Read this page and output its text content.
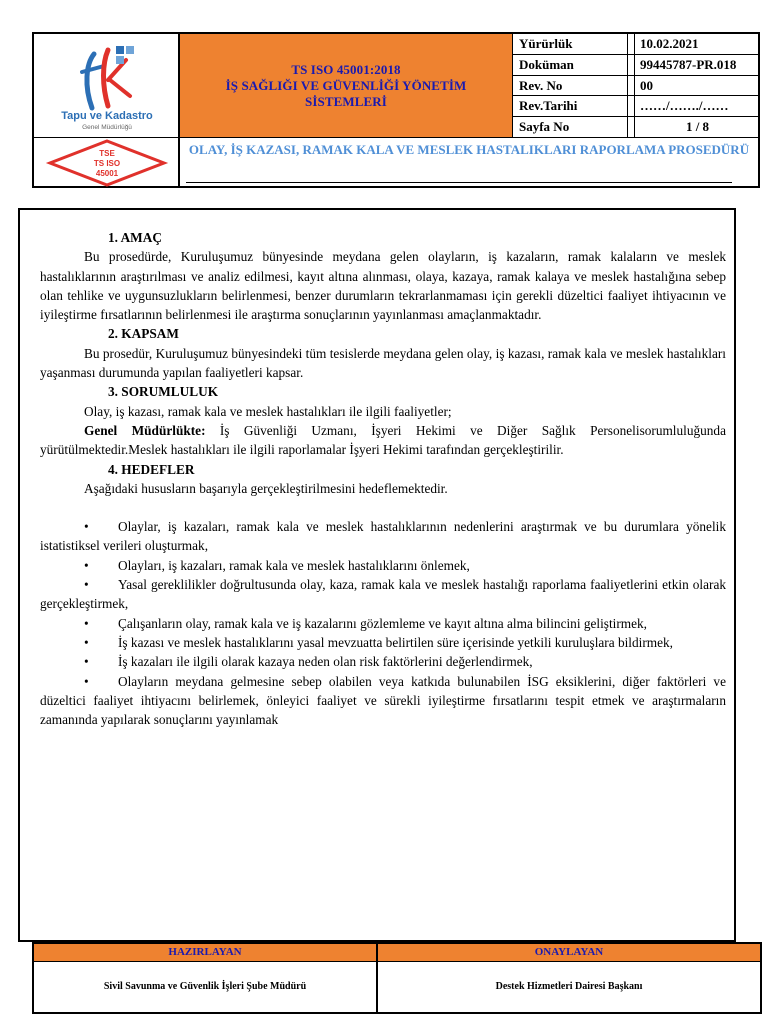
Tapu ve Kadastro
Genel Müdürlüğü
TSE
TS ISO
45001
TS ISO 45001:2018
İŞ SAĞLIĞI VE GÜVENLİĞİ YÖNETİM
SİSTEMLERİ
Yürürlük	10.02.2021
Doküman	99445787-PR.018
Rev. No	00
Rev.Tarihi	……/……./……
Sayfa No	1 / 8
OLAY, İŞ KAZASI, RAMAK KALA VE MESLEK HASTALIKLARI RAPORLAMA PROSEDÜRÜ

1. AMAÇ

Bu prosedürde, Kuruluşumuz bünyesinde meydana gelen olayların, iş kazaların, ramak kalaların ve meslek hastalıklarının araştırılması ve analiz edilmesi, kayıt altına alınması, olaya, kazaya, ramak kalaya ve meslek hastalığına sebep olan tehlike ve uygunsuzlukların belirlenmesi, benzer durumların tekrarlanmaması için gerekli düzeltici faaliyet ihtiyacının ve iyileştirme fırsatlarının belirlenmesi ile araştırma sonuçlarının yayınlanması amaçlanmaktadır.

2. KAPSAM

Bu prosedür, Kuruluşumuz bünyesindeki tüm tesislerde meydana gelen olay, iş kazası, ramak kala ve meslek hastalıkları yaşanması durumunda yapılan faaliyetleri kapsar.

3. SORUMLULUK

Olay, iş kazası, ramak kala ve meslek hastalıkları ile ilgili faaliyetler;

Genel Müdürlükte: İş Güvenliği Uzmanı, İşyeri Hekimi ve Diğer Sağlık Personelisorumluluğunda yürütülmektedir.Meslek hastalıkları ile ilgili raporlamalar İşyeri Hekimi tarafından gerçekleştirilir.

4. HEDEFLER

Aşağıdaki hususların başarıyla gerçekleştirilmesini hedeflemektedir.

• Olaylar, iş kazaları, ramak kala ve meslek hastalıklarının nedenlerini araştırmak ve bu durumlara yönelik istatistiksel verileri oluşturmak,

• Olayları, iş kazaları, ramak kala ve meslek hastalıklarını önlemek,

• Yasal gereklilikler doğrultusunda olay, kaza, ramak kala ve meslek hastalığı raporlama faaliyetlerini etkin olarak gerçekleştirmek,

• Çalışanların olay, ramak kala ve iş kazalarını gözlemleme ve kayıt altına alma bilincini geliştirmek,

• İş kazası ve meslek hastalıklarını yasal mevzuatta belirtilen süre içerisinde yetkili kuruluşlara bildirmek,

• İş kazaları ile ilgili olarak kazaya neden olan risk faktörlerini değerlendirmek,

• Olayların meydana gelmesine sebep olabilen veya katkıda bulunabilen İSG eksiklerini, diğer faktörleri ve düzeltici faaliyet ihtiyacını belirlemek, önleyici faaliyet ve sürekli iyileştirme fırsatlarını tespit etmek ve araştırmaların zamanında yapılarak sonuçlarını yayınlamak

HAZIRLAYAN	ONAYLAYAN
Sivil Savunma ve Güvenlik İşleri Şube Müdürü	Destek Hizmetleri Dairesi Başkanı
